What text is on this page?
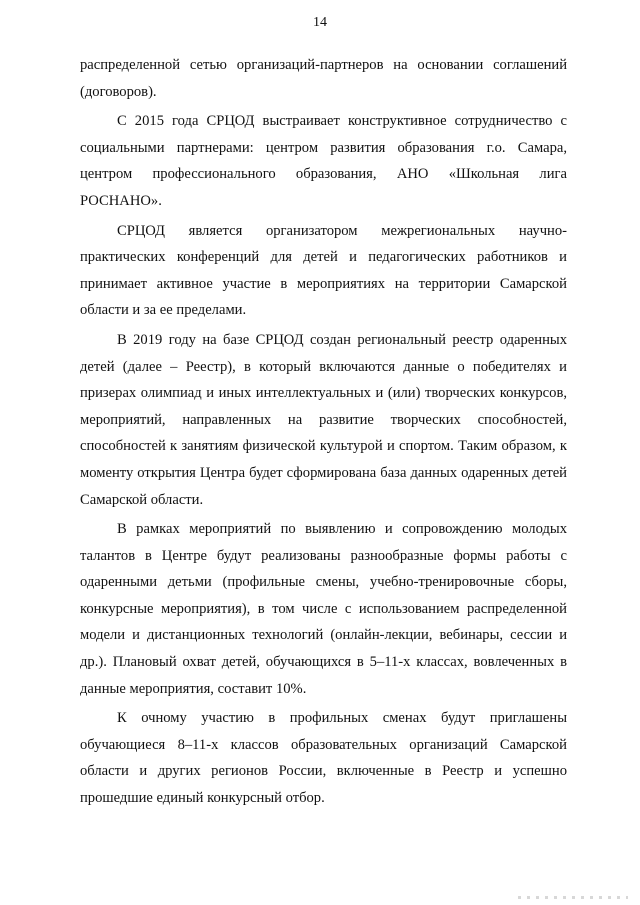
14

распределенной сетью организаций-партнеров на основании соглашений (договоров).

С 2015 года СРЦОД выстраивает конструктивное сотрудничество с социальными партнерами: центром развития образования г.о. Самара, центром профессионального образования, АНО «Школьная лига РОСНАНО».

СРЦОД является организатором межрегиональных научно-практических конференций для детей и педагогических работников и принимает активное участие в мероприятиях на территории Самарской области и за ее пределами.

В 2019 году на базе СРЦОД создан региональный реестр одаренных детей (далее – Реестр), в который включаются данные о победителях и призерах олимпиад и иных интеллектуальных и (или) творческих конкурсов, мероприятий, направленных на развитие творческих способностей, способностей к занятиям физической культурой и спортом. Таким образом, к моменту открытия Центра будет сформирована база данных одаренных детей Самарской области.

В рамках мероприятий по выявлению и сопровождению молодых талантов в Центре будут реализованы разнообразные формы работы с одаренными детьми (профильные смены, учебно-тренировочные сборы, конкурсные мероприятия), в том числе с использованием распределенной модели и дистанционных технологий (онлайн-лекции, вебинары, сессии и др.). Плановый охват детей, обучающихся в 5–11-х классах, вовлеченных в данные мероприятия, составит 10%.

К очному участию в профильных сменах будут приглашены обучающиеся 8–11-х классов образовательных организаций Самарской области и других регионов России, включенные в Реестр и успешно прошедшие единый конкурсный отбор.
